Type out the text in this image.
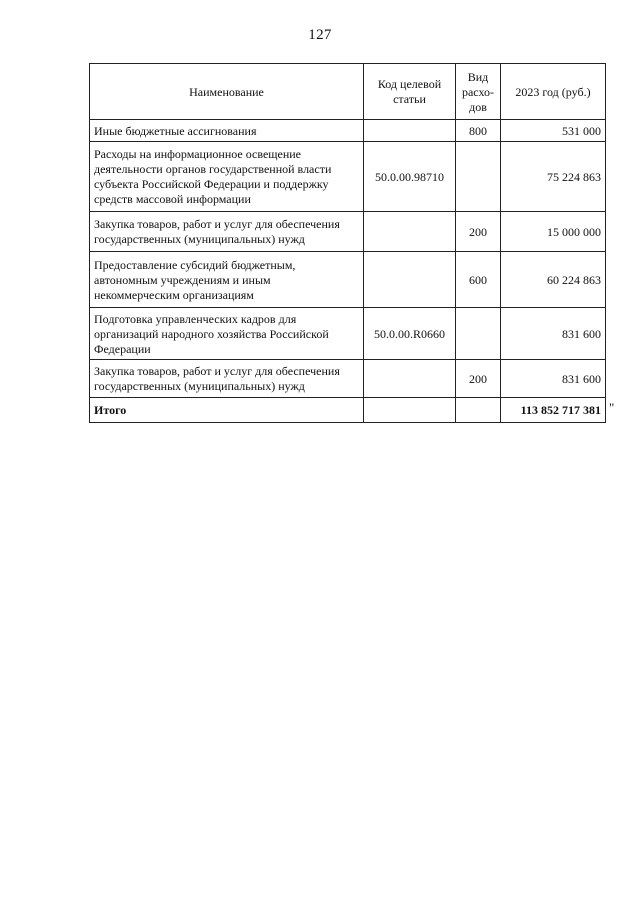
127
Наименование	Код целевой статьи	Вид расхо-дов	2023 год (руб.)
Иные бюджетные ассигнования		800	531 000
Расходы на информационное освещение деятельности органов государственной власти субъекта Российской Федерации и поддержку средств массовой информации	50.0.00.98710		75 224 863
Закупка товаров, работ и услуг для обеспечения государственных (муниципальных) нужд		200	15 000 000
Предоставление субсидий бюджетным, автономным учреждениям и иным некоммерческим организациям		600	60 224 863
Подготовка управленческих кадров для организаций народного хозяйства Российской Федерации	50.0.00.R0660		831 600
Закупка товаров, работ и услуг для обеспечения государственных (муниципальных) нужд		200	831 600
Итого			113 852 717 381 "
